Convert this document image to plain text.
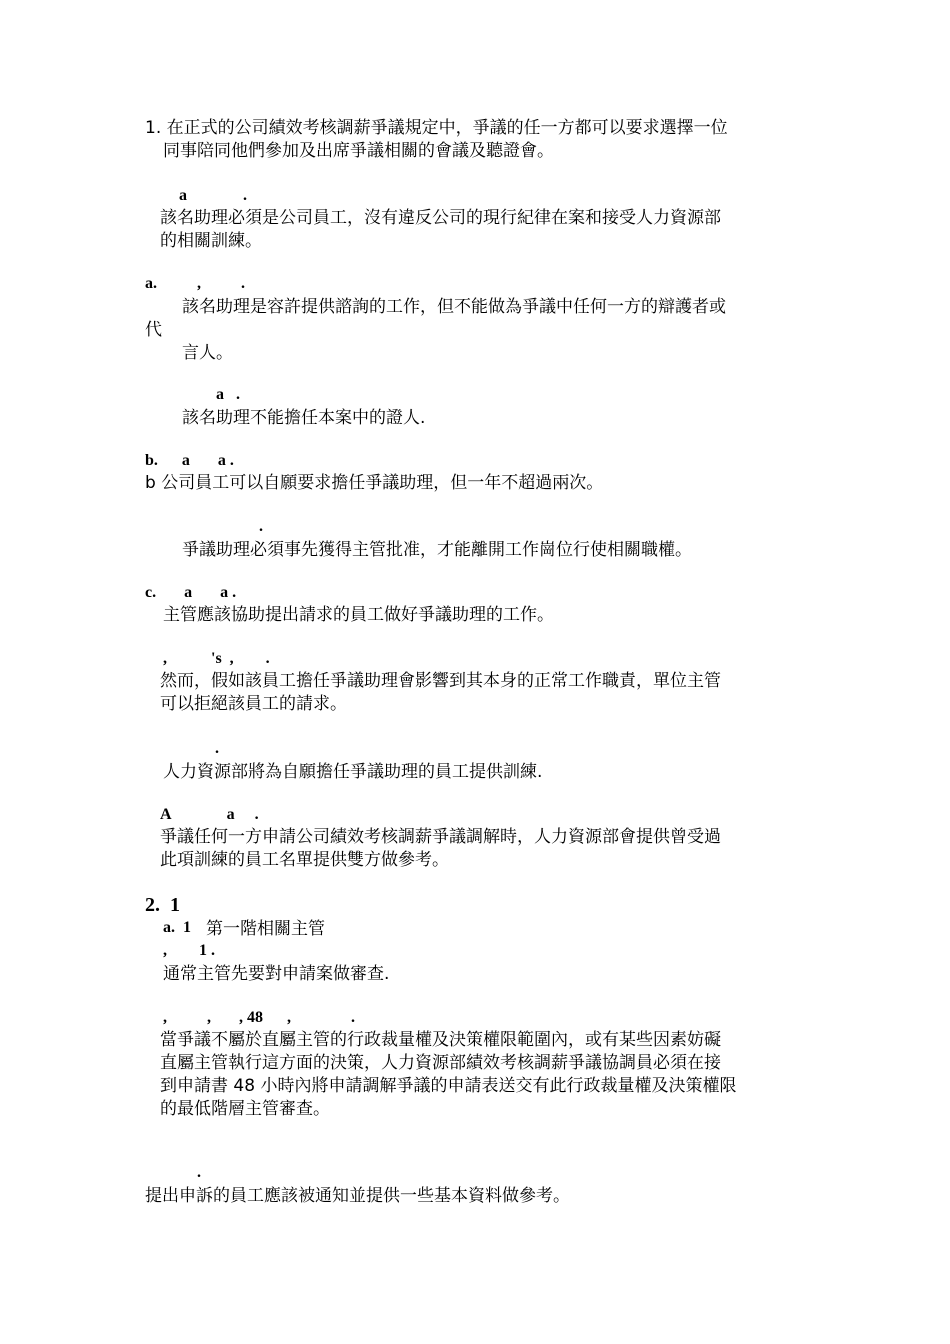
1. 在正式的公司績效考核調薪爭議規定中，爭議的任一方都可以要求選擇一位
同事陪同他們參加及出席爭議相關的會議及聽證會。
a              .
該名助理必須是公司員工，沒有違反公司的現行紀律在案和接受人力資源部
的相關訓練。
a.          ,          .
該名助理是容許提供諮詢的工作，但不能做為爭議中任何一方的辯護者或
代
言人。
a   .
該名助理不能擔任本案中的證人.
b.      a       a .
b 公司員工可以自願要求擔任爭議助理，但一年不超過兩次。
.
爭議助理必須事先獲得主管批准，才能離開工作崗位行使相關職權。
c.       a       a .
主管應該協助提出請求的員工做好爭議助理的工作。
,           's  ,        .
然而，假如該員工擔任爭議助理會影響到其本身的正常工作職責，單位主管
可以拒絕該員工的請求。
.
人力資源部將為自願擔任爭議助理的員工提供訓練.
A              a     .
爭議任何一方申請公司績效考核調薪爭議調解時，人力資源部會提供曾受過
此項訓練的員工名單提供雙方做參考。
2.  1
a.  1 第一階相關主管
,        1 .
通常主管先要對申請案做審查.
,          ,       , 48      ,               .
當爭議不屬於直屬主管的行政裁量權及決策權限範圍內，或有某些因素妨礙
直屬主管執行這方面的決策，人力資源部績效考核調薪爭議協調員必須在接
到申請書 48 小時內將申請調解爭議的申請表送交有此行政裁量權及決策權限
的最低階層主管審查。
.
提出申訴的員工應該被通知並提供一些基本資料做參考。
